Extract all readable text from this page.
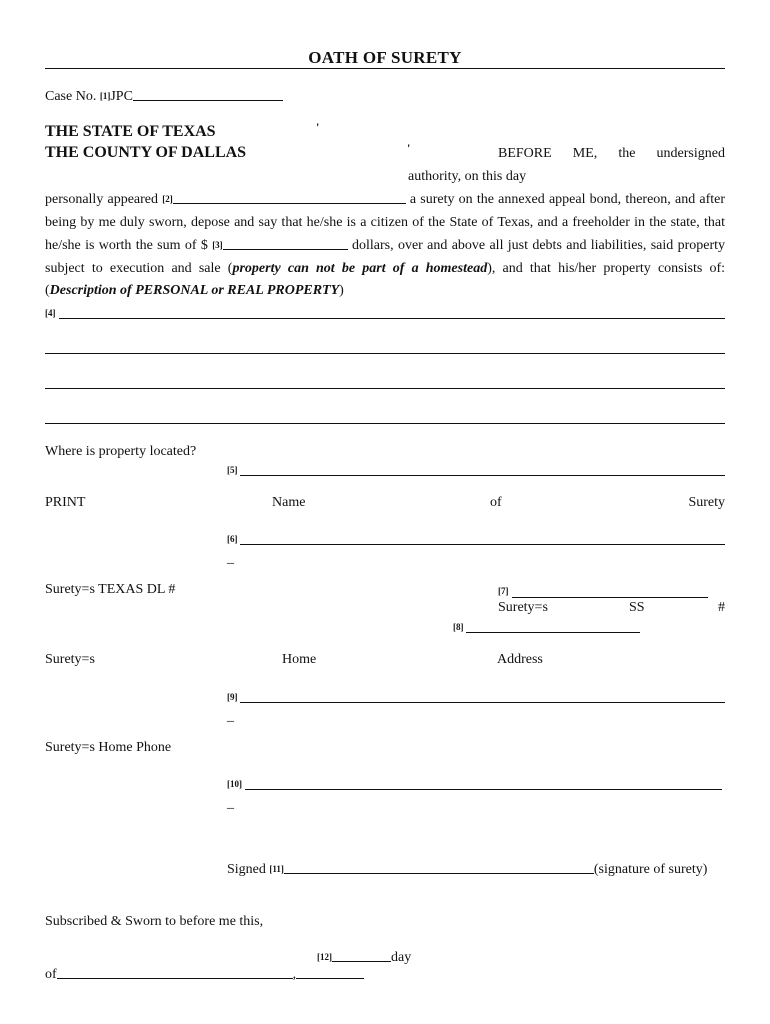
OATH OF SURETY
Case No. [1]JPC
THE STATE OF TEXAS
THE COUNTY OF DALLAS
'
'	BEFORE ME, the undersigned
authority, on this day
personally appeared [2]	a surety on the annexed appeal bond, thereon, and after being by me duly sworn, depose and say that he/she is a citizen of the State of Texas, and a freeholder in the state, that he/she is worth the sum of $ [3]	dollars, over and above all just debts and liabilities, said property subject to execution and sale (property can not be part of a homestead), and that his/her property consists of: (Description of PERSONAL or REAL PROPERTY)
[4]
Where is property located?
[5]
PRINT	Name	of	Surety
[6]
_
Surety=s TEXAS DL #	[7]
Surety=s	SS	#
[8]
Surety=s	Home	Address
[9]
_
Surety=s Home Phone
[10]
_
Signed [11]	(signature of surety)
Subscribed & Sworn to before me this,
[12]	day
of	,
